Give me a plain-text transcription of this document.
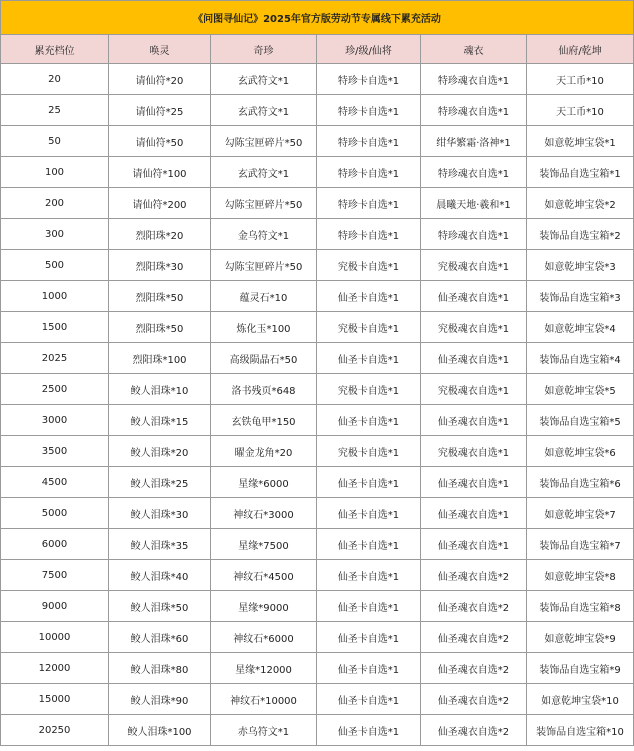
《问图寻仙记》2025年官方版劳动节专属线下累充活动					
累充档位	唤灵	奇珍	珍/级/仙将	魂衣	仙府/乾坤
20	请仙符*20	玄武符文*1	特珍卡自选*1	特珍魂衣自选*1	天工币*10
25	请仙符*25	玄武符文*1	特珍卡自选*1	特珍魂衣自选*1	天工币*10
50	请仙符*50	勾陈宝匣碎片*50	特珍卡自选*1	绀华繁霜·洛神*1	如意乾坤宝袋*1
100	请仙符*100	玄武符文*1	特珍卡自选*1	特珍魂衣自选*1	装饰品自选宝箱*1
200	请仙符*200	勾陈宝匣碎片*50	特珍卡自选*1	晨曦天地·羲和*1	如意乾坤宝袋*2
300	烈阳珠*20	金乌符文*1	特珍卡自选*1	特珍魂衣自选*1	装饰品自选宝箱*2
500	烈阳珠*30	勾陈宝匣碎片*50	究极卡自选*1	究极魂衣自选*1	如意乾坤宝袋*3
1000	烈阳珠*50	蕴灵石*10	仙圣卡自选*1	仙圣魂衣自选*1	装饰品自选宝箱*3
1500	烈阳珠*50	炼化玉*100	究极卡自选*1	究极魂衣自选*1	如意乾坤宝袋*4
2025	烈阳珠*100	高级陨晶石*50	仙圣卡自选*1	仙圣魂衣自选*1	装饰品自选宝箱*4
2500	鲛人泪珠*10	洛书残页*648	究极卡自选*1	究极魂衣自选*1	如意乾坤宝袋*5
3000	鲛人泪珠*15	玄铁龟甲*150	仙圣卡自选*1	仙圣魂衣自选*1	装饰品自选宝箱*5
3500	鲛人泪珠*20	曜金龙角*20	究极卡自选*1	究极魂衣自选*1	如意乾坤宝袋*6
4500	鲛人泪珠*25	星缘*6000	仙圣卡自选*1	仙圣魂衣自选*1	装饰品自选宝箱*6
5000	鲛人泪珠*30	神纹石*3000	仙圣卡自选*1	仙圣魂衣自选*1	如意乾坤宝袋*7
6000	鲛人泪珠*35	星缘*7500	仙圣卡自选*1	仙圣魂衣自选*1	装饰品自选宝箱*7
7500	鲛人泪珠*40	神纹石*4500	仙圣卡自选*1	仙圣魂衣自选*2	如意乾坤宝袋*8
9000	鲛人泪珠*50	星缘*9000	仙圣卡自选*1	仙圣魂衣自选*2	装饰品自选宝箱*8
10000	鲛人泪珠*60	神纹石*6000	仙圣卡自选*1	仙圣魂衣自选*2	如意乾坤宝袋*9
12000	鲛人泪珠*80	星缘*12000	仙圣卡自选*1	仙圣魂衣自选*2	装饰品自选宝箱*9
15000	鲛人泪珠*90	神纹石*10000	仙圣卡自选*1	仙圣魂衣自选*2	如意乾坤宝袋*10
20250	鲛人泪珠*100	赤乌符文*1	仙圣卡自选*1	仙圣魂衣自选*2	装饰品自选宝箱*10
